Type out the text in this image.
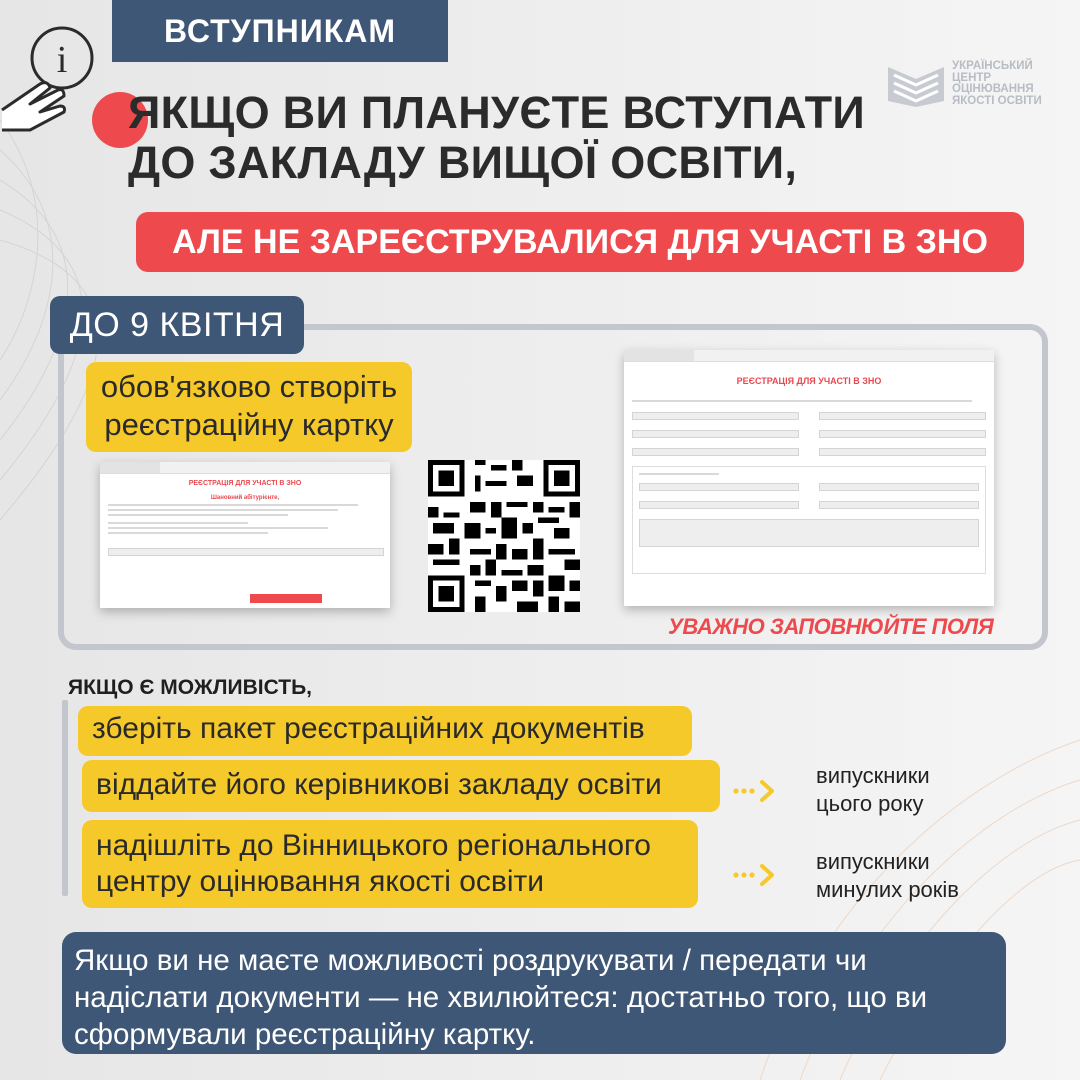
i
ВСТУПНИКАМ
УКРАЇНСЬКИЙ
ЦЕНТР
ОЦІНЮВАННЯ
ЯКОСТІ ОСВІТИ
ЯКЩО ВИ ПЛАНУЄТЕ ВСТУПАТИ
ДО ЗАКЛАДУ ВИЩОЇ ОСВІТИ,
АЛЕ НЕ ЗАРЕЄСТРУВАЛИСЯ ДЛЯ УЧАСТІ В ЗНО
ДО 9 КВІТНЯ
обов'язково створіть
реєстраційну картку
РЕЄСТРАЦІЯ ДЛЯ УЧАСТІ В ЗНО
Шановний абітурієнте,
РЕЄСТРАЦІЯ ДЛЯ УЧАСТІ В ЗНО
УВАЖНО ЗАПОВНЮЙТЕ ПОЛЯ
ЯКЩО Є МОЖЛИВІСТЬ,
зберіть пакет реєстраційних документів
віддайте його керівникові закладу освіти
надішліть до Вінницького регіонального
центру оцінювання якості освіти
випускники
цього року
випускники
минулих років
Якщо ви не маєте можливості роздрукувати / передати чи
надіслати документи — не хвилюйтеся: достатньо того, що ви
сформували реєстраційну картку.
